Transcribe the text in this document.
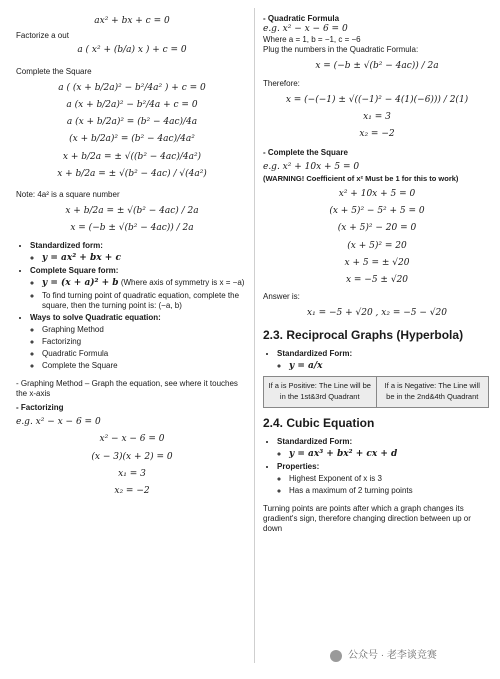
ax² + bx + c = 0
Factorize a out
a ( x² + (b/a) x ) + c = 0
Complete the Square
a ( (x + b/2a)² − b²/4a² ) + c = 0
a (x + b/2a)² − b²/4a + c = 0
a (x + b/2a)² = (b² − 4ac)/4a
(x + b/2a)² = (b² − 4ac)/4a²
x + b/2a = ± √((b² − 4ac)/4a²)
x + b/2a = ± √(b² − 4ac) / √(4a²)
Note: 4a² is a square number
x + b/2a = ± √(b² − 4ac) / 2a
x = (−b ± √(b² − 4ac)) / 2a
• Standardized form:
◦ y = ax² + bx + c
• Complete Square form:
◦ y = (x + a)² + b (Where axis of symmetry is x = −a)
◦ To find turning point of quadratic equation, complete the square, then the turning point is: (−a, b)
• Ways to solve Quadratic equation:
◦ Graphing Method
◦ Factorizing
◦ Quadratic Formula
◦ Complete the Square
- Graphing Method – Graph the equation, see where it touches the x-axis
- Factorizing
e.g. x² − x − 6 = 0
x² − x − 6 = 0
(x − 3)(x + 2) = 0
x₁ = 3
x₂ = −2
- Quadratic Formula
e.g. x² − x − 6 = 0
Where a = 1, b = −1, c = −6
Plug the numbers in the Quadratic Formula:
x = (−b ± √(b² − 4ac)) / 2a
Therefore:
x = (−(−1) ± √((−1)² − 4(1)(−6))) / 2(1)
x₁ = 3
x₂ = −2
- Complete the Square
e.g. x² + 10x + 5 = 0
(WARNING! Coefficient of x² Must be 1 for this to work)
x² + 10x + 5 = 0
(x + 5)² − 5² + 5 = 0
(x + 5)² − 20 = 0
(x + 5)² = 20
x + 5 = ± √20
x = −5 ± √20
Answer is:
x₁ = −5 + √20 , x₂ = −5 − √20
2.3. Reciprocal Graphs (Hyperbola)
• Standardized Form:
◦ y = a/x
If a is Positive: The Line will be in the 1st&3rd Quadrant
If a is Negative: The Line will be in the 2nd&4th Quadrant
2.4. Cubic Equation
• Standardized Form:
◦ y = ax³ + bx² + cx + d
• Properties:
◦ Highest Exponent of x is 3
◦ Has a maximum of 2 turning points
Turning points are points after which a graph changes its gradient's sign, therefore changing direction between up or down
公众号 · 老李谈竞赛
